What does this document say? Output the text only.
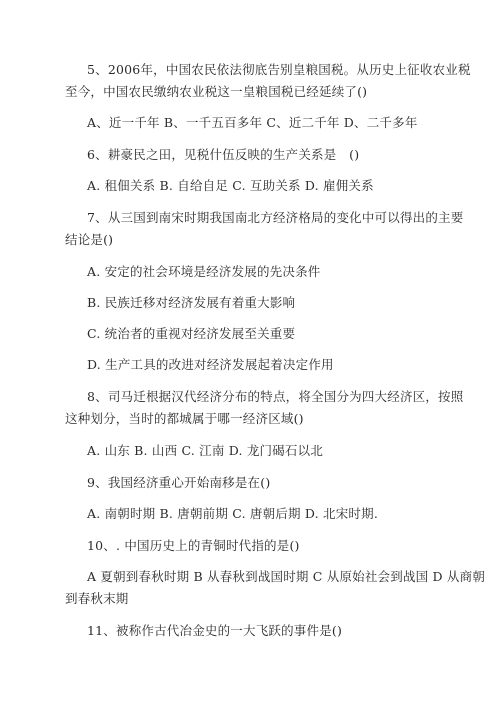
5、2006年，中国农民依法彻底告别皇粮国税。从历史上征收农业税
至今，中国农民缴纳农业税这一皇粮国税已经延续了()
A、近一千年 B、一千五百多年 C、近二千年 D、二千多年
6、耕豪民之田，见税什伍反映的生产关系是　()
A. 租佃关系 B. 自给自足 C. 互助关系 D. 雇佣关系
7、从三国到南宋时期我国南北方经济格局的变化中可以得出的主要
结论是()
A. 安定的社会环境是经济发展的先决条件
B. 民族迁移对经济发展有着重大影响
C. 统治者的重视对经济发展至关重要
D. 生产工具的改进对经济发展起着决定作用
8、司马迁根据汉代经济分布的特点，将全国分为四大经济区，按照
这种划分，当时的都城属于哪一经济区域()
A. 山东 B. 山西 C. 江南 D. 龙门碣石以北
9、我国经济重心开始南移是在()
A. 南朝时期 B. 唐朝前期 C. 唐朝后期 D. 北宋时期.
10、. 中国历史上的青铜时代指的是()
A 夏朝到春秋时期 B 从春秋到战国时期 C 从原始社会到战国 D 从商朝
到春秋末期
11、被称作古代冶金史的一大飞跃的事件是()
